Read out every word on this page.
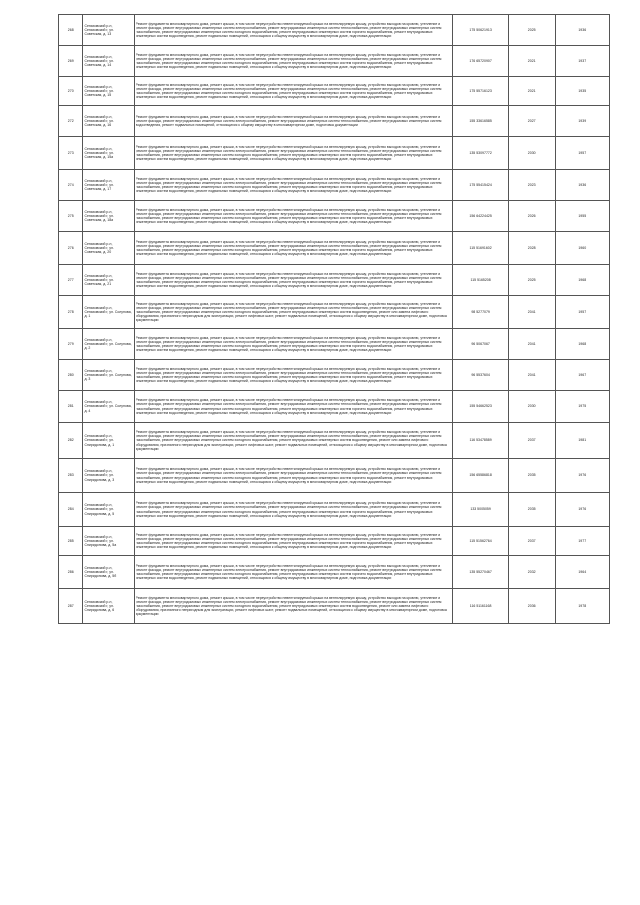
268	Сепаховский р-н, Сепаховский г, ул. Советская, д. 13	Ремонт фундамента многоквартирного дома, ремонт крыши, в том числе переустройство невентилируемой крыши на вентилируемую крышу, устройство выходов на кровлю, утепление и ремонт фасада, ремонт внутридомовых инженерных систем электроснабжения, ремонт внутридомовых инженерных систем теплоснабжения, ремонт внутридомовых инженерных систем газоснабжения, ремонт внутридомовых инженерных систем холодного водоснабжения, ремонт внутридомовых инженерных систем горячего водоснабжения, ремонт внутридомовых инженерных систем водоотведения, ремонт подвальных помещений, относящихся к общему имуществу в многоквартирном доме, подготовка документации	175 50621913	2025	1936
269	Сепаховский р-н, Сепаховский г, ул. Советская, д. 14	Ремонт фундамента многоквартирного дома, ремонт крыши, в том числе переустройство невентилируемой крыши на вентилируемую крышу, устройство выходов на кровлю, утепление и ремонт фасада, ремонт внутридомовых инженерных систем электроснабжения, ремонт внутридомовых инженерных систем теплоснабжения, ремонт внутридомовых инженерных систем газоснабжения, ремонт внутридомовых инженерных систем холодного водоснабжения, ремонт внутридомовых инженерных систем горячего водоснабжения, ремонт внутридомовых инженерных систем водоотведения, ремонт подвальных помещений, относящихся к общему имуществу в многоквартирном доме, подготовка документации	176 65720907	2021	1937
270	Сепаховский р-н, Сепаховский г, ул. Советская, д. 15	Ремонт фундамента многоквартирного дома, ремонт крыши, в том числе переустройство невентилируемой крыши на вентилируемую крышу, устройство выходов на кровлю, утепление и ремонт фасада, ремонт внутридомовых инженерных систем электроснабжения, ремонт внутридомовых инженерных систем теплоснабжения, ремонт внутридомовых инженерных систем газоснабжения, ремонт внутридомовых инженерных систем холодного водоснабжения, ремонт внутридомовых инженерных систем горячего водоснабжения, ремонт внутридомовых инженерных систем водоотведения, ремонт подвальных помещений, относящихся к общему имуществу в многоквартирном доме, подготовка документации	175 55716123	2021	1935
272	Сепаховский р-н, Сепаховский г, ул. Советская, д. 16	Ремонт фундамента многоквартирного дома, ремонт крыши, в том числе переустройство невентилируемой крыши на вентилируемую крышу, устройство выходов на кровлю, утепление и ремонт фасада, ремонт внутридомовых инженерных систем электроснабжения, ремонт внутридомовых инженерных систем теплоснабжения, ремонт внутридомовых инженерных систем водоотведения, ремонт подвальных помещений, относящихся к общему имуществу в многоквартирном доме, подготовка документации	155 33616585	2027	1939
273	Сепаховский р-н, Сепаховский г, ул. Советская, д. 15а	Ремонт фундамента многоквартирного дома, ремонт крыши, в том числе переустройство невентилируемой крыши на вентилируемую крышу, устройство выходов на кровлю, утепление и ремонт фасада, ремонт внутридомовых инженерных систем электроснабжения, ремонт внутридомовых инженерных систем теплоснабжения, ремонт внутридомовых инженерных систем газоснабжения, ремонт внутридомовых инженерных систем холодного водоснабжения, ремонт внутридомовых инженерных систем горячего водоснабжения, ремонт внутридомовых инженерных систем водоотведения, ремонт подвальных помещений, относящихся к общему имуществу в многоквартирном доме, подготовка документации	135 53097772	2030	1957
274	Сепаховский р-н, Сепаховский г, ул. Советская, д. 17	Ремонт фундамента многоквартирного дома, ремонт крыши, в том числе переустройство невентилируемой крыши на вентилируемую крышу, устройство выходов на кровлю, утепление и ремонт фасада, ремонт внутридомовых инженерных систем электроснабжения, ремонт внутридомовых инженерных систем теплоснабжения, ремонт внутридомовых инженерных систем газоснабжения, ремонт внутридомовых инженерных систем холодного водоснабжения, ремонт внутридомовых инженерных систем горячего водоснабжения, ремонт внутридомовых инженерных систем водоотведения, ремонт подвальных помещений, относящихся к общему имуществу в многоквартирном доме, подготовка документации	175 55415424	2023	1936
275	Сепаховский р-н, Сепаховский г, ул. Советская, д. 18а	Ремонт фундамента многоквартирного дома, ремонт крыши, в том числе переустройство невентилируемой крыши на вентилируемую крышу, устройство выходов на кровлю, утепление и ремонт фасада, ремонт внутридомовых инженерных систем электроснабжения, ремонт внутридомовых инженерных систем теплоснабжения, ремонт внутридомовых инженерных систем газоснабжения, ремонт внутридомовых инженерных систем холодного водоснабжения, ремонт внутридомовых инженерных систем горячего водоснабжения, ремонт внутридомовых инженерных систем водоотведения, ремонт подвальных помещений, относящихся к общему имуществу в многоквартирном доме, подготовка документации	156 64224425	2026	1955
276	Сепаховский р-н, Сепаховский г, ул. Советская, д. 20	Ремонт фундамента многоквартирного дома, ремонт крыши, в том числе переустройство невентилируемой крыши на вентилируемую крышу, устройство выходов на кровлю, утепление и ремонт фасада, ремонт внутридомовых инженерных систем электроснабжения, ремонт внутридомовых инженерных систем теплоснабжения, ремонт внутридомовых инженерных систем газоснабжения, ремонт внутридомовых инженерных систем холодного водоснабжения, ремонт внутридомовых инженерных систем горячего водоснабжения, ремонт внутридомовых инженерных систем водоотведения, ремонт подвальных помещений, относящихся к общему имуществу в многоквартирном доме, подготовка документации	115 51691602	2028	1960
277	Сепаховский р-н, Сепаховский г, ул. Советская, д. 21	Ремонт фундамента многоквартирного дома, ремонт крыши, в том числе переустройство невентилируемой крыши на вентилируемую крышу, устройство выходов на кровлю, утепление и ремонт фасада, ремонт внутридомовых инженерных систем электроснабжения, ремонт внутридомовых инженерных систем теплоснабжения, ремонт внутридомовых инженерных систем газоснабжения, ремонт внутридомовых инженерных систем холодного водоснабжения, ремонт внутридомовых инженерных систем горячего водоснабжения, ремонт внутридомовых инженерных систем водоотведения, ремонт подвальных помещений, относящихся к общему имуществу в многоквартирном доме, подготовка документации	115 5165208	2025	1968
278	Сепаховский р-н, Сепаховский г, ул. Солунова, д. 1	Ремонт фундамента многоквартирного дома, ремонт крыши, в том числе переустройство невентилируемой крыши на вентилируемую крышу, устройство выходов на кровлю, утепление и ремонт фасада, ремонт внутридомовых инженерных систем электроснабжения, ремонт внутридомовых инженерных систем теплоснабжения, ремонт внутридомовых инженерных систем газоснабжения, ремонт внутридомовых инженерных систем холодного водоснабжения, ремонт внутридомовых инженерных систем водоотведения, ремонт или замена лифтового оборудования, признанного непригодным для эксплуатации, ремонт лифтовых шахт, ремонт подвальных помещений, относящихся к общему имуществу в многоквартирном доме, подготовка документации	98 5277079	2041	1957
279	Сепаховский р-н, Сепаховский г, ул. Солунова, д. 2	Ремонт фундамента многоквартирного дома, ремонт крыши, в том числе переустройство невентилируемой крыши на вентилируемую крышу, устройство выходов на кровлю, утепление и ремонт фасада, ремонт внутридомовых инженерных систем электроснабжения, ремонт внутридомовых инженерных систем теплоснабжения, ремонт внутридомовых инженерных систем газоснабжения, ремонт внутридомовых инженерных систем холодного водоснабжения, ремонт внутридомовых инженерных систем горячего водоснабжения, ремонт внутридомовых инженерных систем водоотведения, ремонт подвальных помещений, относящихся к общему имуществу в многоквартирном доме, подготовка документации	96 5067067	2041	1968
280	Сепаховский р-н, Сепаховский г, ул. Солунова, д. 3	Ремонт фундамента многоквартирного дома, ремонт крыши, в том числе переустройство невентилируемой крыши на вентилируемую крышу, устройство выходов на кровлю, утепление и ремонт фасада, ремонт внутридомовых инженерных систем электроснабжения, ремонт внутридомовых инженерных систем теплоснабжения, ремонт внутридомовых инженерных систем газоснабжения, ремонт внутридомовых инженерных систем холодного водоснабжения, ремонт внутридомовых инженерных систем горячего водоснабжения, ремонт внутридомовых инженерных систем водоотведения, ремонт подвальных помещений, относящихся к общему имуществу в многоквартирном доме, подготовка документации	96 5537604	2041	1967
281	Сепаховский р-н, Сепаховский г, ул. Солунова, д. 4	Ремонт фундамента многоквартирного дома, ремонт крыши, в том числе переустройство невентилируемой крыши на вентилируемую крышу, устройство выходов на кровлю, утепление и ремонт фасада, ремонт внутридомовых инженерных систем электроснабжения, ремонт внутридомовых инженерных систем теплоснабжения, ремонт внутридомовых инженерных систем газоснабжения, ремонт внутридомовых инженерных систем холодного водоснабжения, ремонт внутридомовых инженерных систем горячего водоснабжения, ремонт внутридомовых инженерных систем водоотведения, ремонт подвальных помещений, относящихся к общему имуществу в многоквартирном доме, подготовка документации	155 54662523	2030	1975
282	Сепаховский р-н, Сепаховский г, ул. Спиридонова, д. 1	Ремонт фундамента многоквартирного дома, ремонт крыши, в том числе переустройство невентилируемой крыши на вентилируемую крышу, устройство выходов на кровлю, утепление и ремонт фасада, ремонт внутридомовых инженерных систем электроснабжения, ремонт внутридомовых инженерных систем теплоснабжения, ремонт внутридомовых инженерных систем газоснабжения, ремонт внутридомовых инженерных систем холодного водоснабжения, ремонт внутридомовых инженерных систем водоотведения, ремонт или замена лифтового оборудования, признанного непригодным для эксплуатации, ремонт лифтовых шахт, ремонт подвальных помещений, относящихся к общему имуществу в многоквартирном доме, подготовка документации	116 53478589	2037	1981
283	Сепаховский р-н, Сепаховский г, ул. Спиридонова, д. 3	Ремонт фундамента многоквартирного дома, ремонт крыши, в том числе переустройство невентилируемой крыши на вентилируемую крышу, устройство выходов на кровлю, утепление и ремонт фасада, ремонт внутридомовых инженерных систем электроснабжения, ремонт внутридомовых инженерных систем теплоснабжения, ремонт внутридомовых инженерных систем газоснабжения, ремонт внутридомовых инженерных систем холодного водоснабжения, ремонт внутридомовых инженерных систем горячего водоснабжения, ремонт внутридомовых инженерных систем водоотведения, ремонт подвальных помещений, относящихся к общему имуществу в многоквартирном доме, подготовка документации	156 65586818	2035	1976
284	Сепаховский р-н, Сепаховский г, ул. Спиридонова, д. 5	Ремонт фундамента многоквартирного дома, ремонт крыши, в том числе переустройство невентилируемой крыши на вентилируемую крышу, устройство выходов на кровлю, утепление и ремонт фасада, ремонт внутридомовых инженерных систем электроснабжения, ремонт внутридомовых инженерных систем теплоснабжения, ремонт внутридомовых инженерных систем газоснабжения, ремонт внутридомовых инженерных систем холодного водоснабжения, ремонт внутридомовых инженерных систем горячего водоснабжения, ремонт внутридомовых инженерных систем водоотведения, ремонт подвальных помещений, относящихся к общему имуществу в многоквартирном доме, подготовка документации	133 5005059	2035	1976
285	Сепаховский р-н, Сепаховский г, ул. Спиридонова, д. 5а	Ремонт фундамента многоквартирного дома, ремонт крыши, в том числе переустройство невентилируемой крыши на вентилируемую крышу, устройство выходов на кровлю, утепление и ремонт фасада, ремонт внутридомовых инженерных систем электроснабжения, ремонт внутридомовых инженерных систем теплоснабжения, ремонт внутридомовых инженерных систем газоснабжения, ремонт внутридомовых инженерных систем холодного водоснабжения, ремонт внутридомовых инженерных систем горячего водоснабжения, ремонт внутридомовых инженерных систем водоотведения, ремонт подвальных помещений, относящихся к общему имуществу в многоквартирном доме, подготовка документации	115 51562764	2037	1977
286	Сепаховский р-н, Сепаховский г, ул. Спиридонова, д. 5б	Ремонт фундамента многоквартирного дома, ремонт крыши, в том числе переустройство невентилируемой крыши на вентилируемую крышу, устройство выходов на кровлю, утепление и ремонт фасада, ремонт внутридомовых инженерных систем электроснабжения, ремонт внутридомовых инженерных систем теплоснабжения, ремонт внутридомовых инженерных систем газоснабжения, ремонт внутридомовых инженерных систем холодного водоснабжения, ремонт внутридомовых инженерных систем горячего водоснабжения, ремонт внутридомовых инженерных систем водоотведения, ремонт подвальных помещений, относящихся к общему имуществу в многоквартирном доме, подготовка документации	135 55270467	2032	1964
287	Сепаховский р-н, Сепаховский г, ул. Спиридонова, д. 6	Ремонт фундамента многоквартирного дома, ремонт крыши, в том числе переустройство невентилируемой крыши на вентилируемую крышу, устройство выходов на кровлю, утепление и ремонт фасада, ремонт внутридомовых инженерных систем электроснабжения, ремонт внутридомовых инженерных систем теплоснабжения, ремонт внутридомовых инженерных систем газоснабжения, ремонт внутридомовых инженерных систем холодного водоснабжения, ремонт внутридомовых инженерных систем водоотведения, ремонт или замена лифтового оборудования, признанного непригодным для эксплуатации, ремонт лифтовых шахт, ремонт подвальных помещений, относящихся к общему имуществу в многоквартирном доме, подготовка документации	116 51161168	2036	1978
